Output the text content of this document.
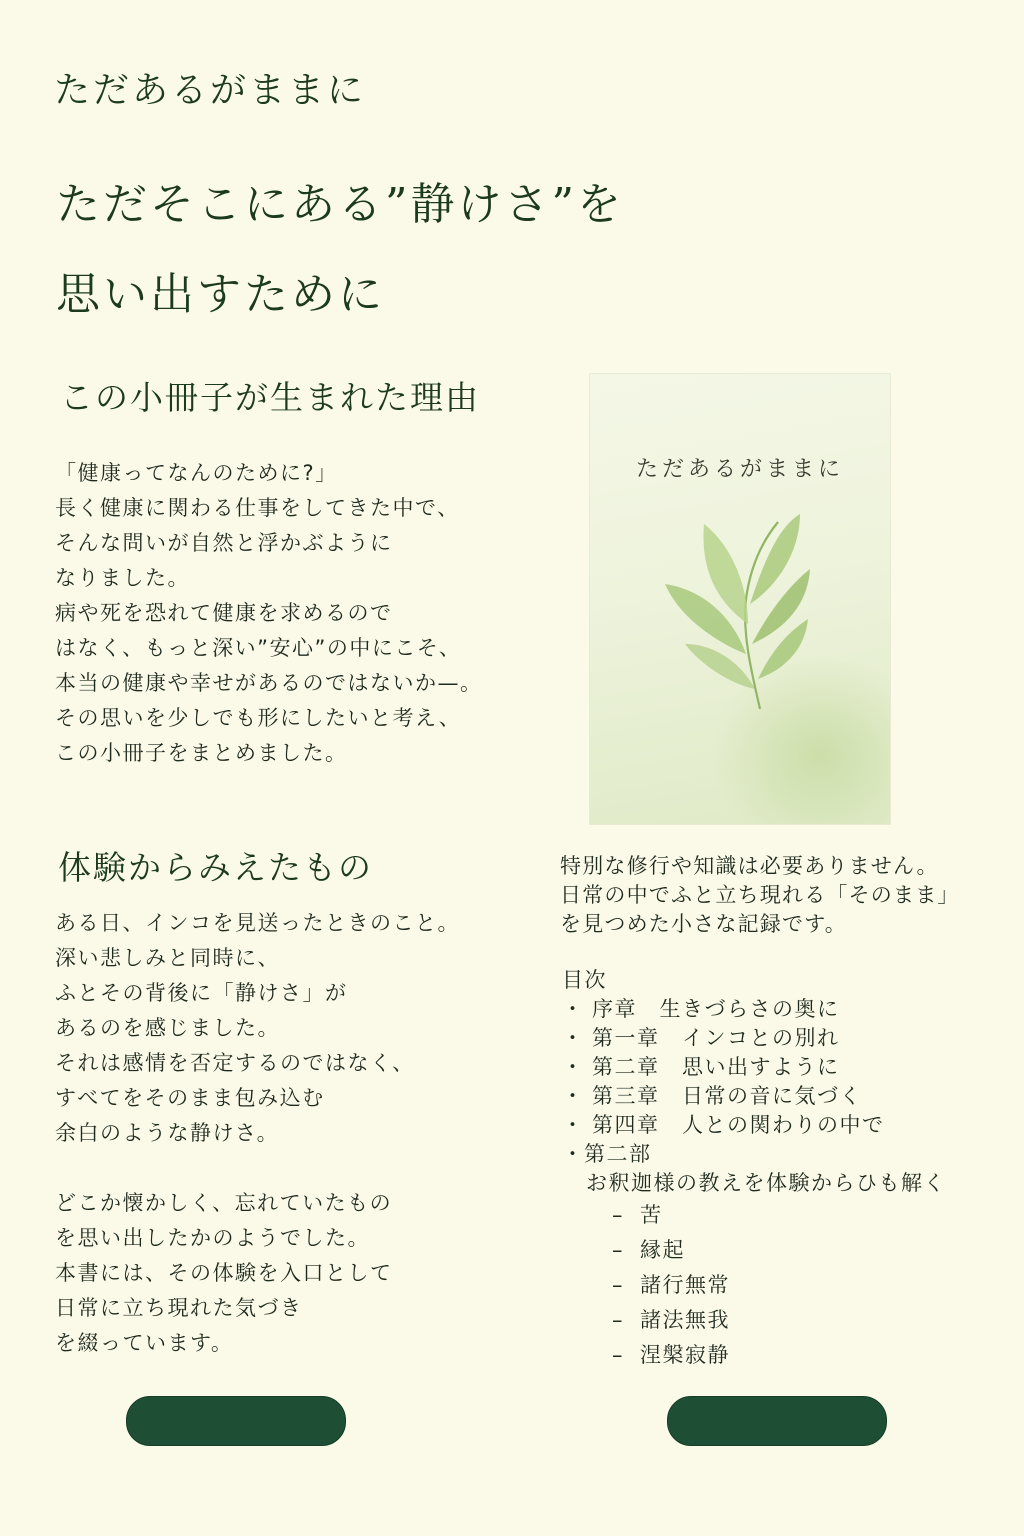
ただあるがままに
ただそこにある”静けさ”を
思い出すために
この小冊子が生まれた理由
「健康ってなんのために?」
長く健康に関わる仕事をしてきた中で、
そんな問いが自然と浮かぶように
なりました。
病や死を恐れて健康を求めるので
はなく、もっと深い”安心”の中にこそ、
本当の健康や幸せがあるのではないか—。
その思いを少しでも形にしたいと考え、
この小冊子をまとめました。
ただあるがままに
体験からみえたもの
ある日、インコを見送ったときのこと。
深い悲しみと同時に、
ふとその背後に「静けさ」が
あるのを感じました。
それは感情を否定するのではなく、
すべてをそのまま包み込む
余白のような静けさ。
どこか懐かしく、忘れていたもの
を思い出したかのようでした。
本書には、その体験を入口として
日常に立ち現れた気づき
を綴っています。
特別な修行や知識は必要ありません。
日常の中でふと立ち現れる「そのまま」
を見つめた小さな記録です。
目次
・ 序章　生きづらさの奥に
・ 第一章　インコとの別れ
・ 第二章　思い出すように
・ 第三章　日常の音に気づく
・ 第四章　人との関わりの中で
・第二部
お釈迦様の教えを体験からひも解く
– 苦
– 縁起
– 諸行無常
– 諸法無我
– 涅槃寂静
